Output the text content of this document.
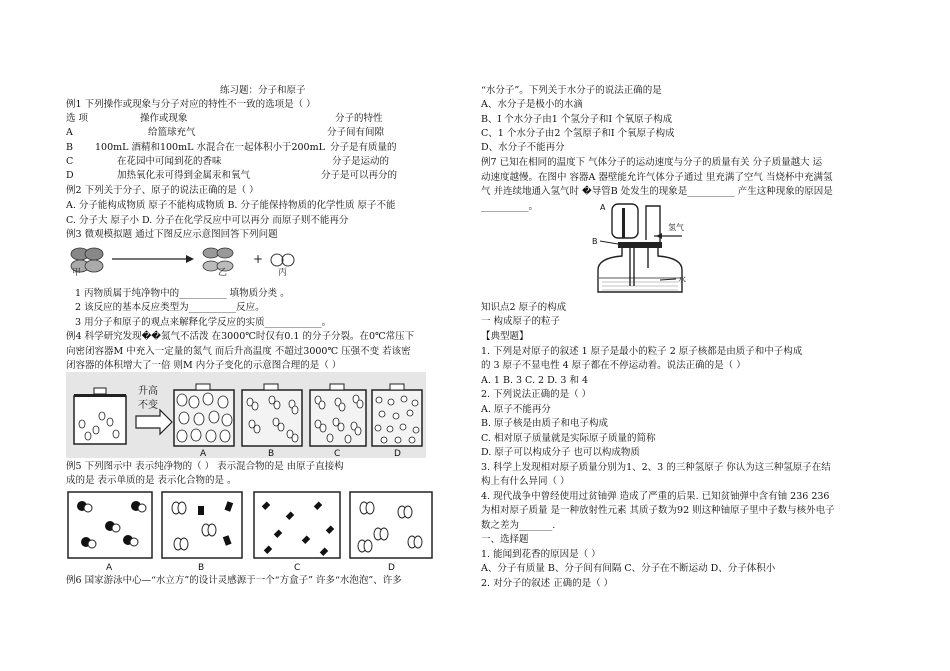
练习题：分子和原子
例1 下列操作或现象与分子对应的特性不一致的选项是（ ）
选 项	操作或现象	分子的特性
A	给篮球充气	分子间有间隙
B 100mL 酒精和100mL 水混合在一起体积小于200mL 分子是有质量的
C	在花园中可闻到花的香味	分子是运动的
D	加热氧化汞可得到金属汞和氧气	分子是可以再分的
例2 下列关于分子、原子的说法正确的是（ ）
A. 分子能构成物质 原子不能构成物质 B. 分子能保持物质的化学性质 原子不能
C. 分子大 原子小 D. 分子在化学反应中可以再分 而原子则不能再分
例3 微观模拟题 通过下图反应示意图回答下列问题
+
甲	乙	丙
1 丙物质属于纯净物中的__________ 填物质分类 。
2 该反应的基本反应类型为__________反应。
3 用分子和原子的观点来解释化学反应的实质____________。
例4 科学研究发现��氮气不活泼 在3000℃时仅有0.1 的分子分裂。在0℃常压下
向密闭容器M 中充入一定量的氮气 而后升高温度 不超过3000℃ 压强不变 若该密
闭容器的体积增大了一倍 则M 内分子变化的示意图合理的是（ ）
升高
不变
A	B	C	D
例5 下列图示中 表示纯净物的（ ） 表示混合物的是 由原子直接构
成的是 表示单质的是 表示化合物的是 。
A	B	C	D
例6 国家游泳中心—“水立方”的设计灵感源于一个“方盒子” 许多“水泡泡”、许多
“水分子”。下列关于水分子的说法正确的是
A、水分子是极小的水滴
B、I 个水分子由1 个氢分子和I 个氧原子构成
C、1 个水分子由2 个氢原子和I 个氧原子构成
D、水分子不能再分
例7 已知在相同的温度下 气体分子的运动速度与分子的质量有关 分子质量越大 运
动速度越慢。在图中 容器A 器壁能允许气体分子通过 里充满了空气 当烧杯中充满氢
气 并连续地通入氢气时 �导管B 处发生的现象是__________ 产生这种现象的原因是
__________。	A
氢气
B
水
知识点2 原子的构成
一 构成原子的粒子
【典型题】
1. 下列是对原子的叙述 1 原子是最小的粒子 2 原子核都是由质子和中子构成
的 3 原子不显电性 4 原子都在不停运动着。说法正确的是（ ）
A. 1 B. 3 C. 2 D. 3 和 4
2. 下列说法正确的是（ ）
A. 原子不能再分
B. 原子核是由质子和电子构成
C. 相对原子质量就是实际原子质量的简称
D. 原子可以构成分子 也可以构成物质
3. 科学上发现相对原子质量分别为1、2、3 的三种氢原子 你认为这三种氢原子在结
构上有什么异同（ ）
4. 现代战争中曾经使用过贫铀弹 造成了严重的后果. 已知贫铀弹中含有铀 236 236
为相对原子质量 是一种放射性元素 其质子数为92 则这种铀原子里中子数与核外电子
数之差为_______.
一、选择题
1. 能闻到花香的原因是（ ）
A、分子有质量 B、分子间有间隔 C、分子在不断运动 D、分子体积小
2. 对分子的叙述 正确的是（ ）
